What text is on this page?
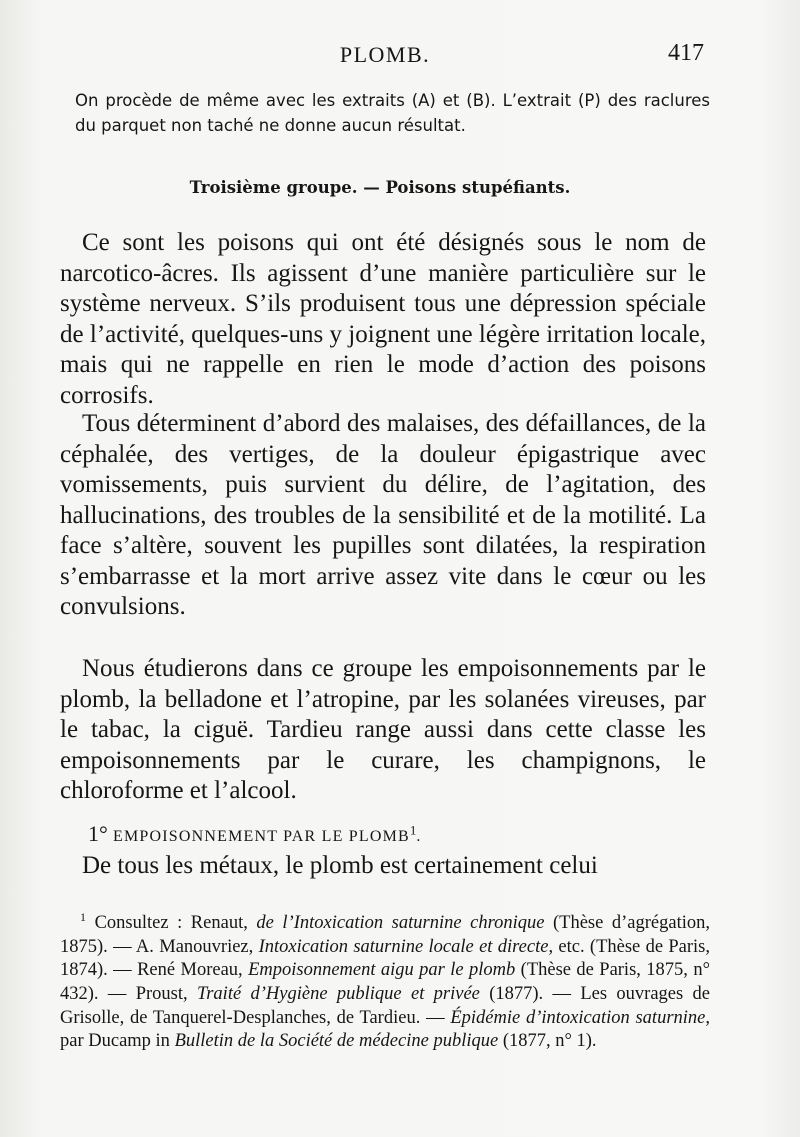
PLOMB.	417
On procède de même avec les extraits (A) et (B). L’extrait (P) des raclures du parquet non taché ne donne aucun résultat.
Troisième groupe. — Poisons stupéfiants.

Ce sont les poisons qui ont été désignés sous le nom de narcotico-âcres. Ils agissent d’une manière particulière sur le système nerveux. S’ils produisent tous une dépression spéciale de l’activité, quelques-uns y joignent une légère irritation locale, mais qui ne rappelle en rien le mode d’action des poisons corrosifs.

Tous déterminent d’abord des malaises, des défaillances, de la céphalée, des vertiges, de la douleur épigastrique avec vomissements, puis survient du délire, de l’agitation, des hallucinations, des troubles de la sensibilité et de la motilité. La face s’altère, souvent les pupilles sont dilatées, la respiration s’embarrasse et la mort arrive assez vite dans le cœur ou les convulsions.

Nous étudierons dans ce groupe les empoisonnements par le plomb, la belladone et l’atropine, par les solanées vireuses, par le tabac, la ciguë. Tardieu range aussi dans cette classe les empoisonnements par le curare, les champignons, le chloroforme et l’alcool.

1° EMPOISONNEMENT PAR LE PLOMB$^1$.

De tous les métaux, le plomb est certainement celui

$^1$ Consultez : Renaut, de l’Intoxication saturnine chronique (Thèse d’agrégation, 1875). — A. Manouvriez, Intoxication saturnine locale et directe, etc. (Thèse de Paris, 1874). — René Moreau, Empoisonnement aigu par le plomb (Thèse de Paris, 1875, n° 432). — Proust, Traité d’Hygiène publique et privée (1877). — Les ouvrages de Grisolle, de Tanquerel-Desplanches, de Tardieu. — Épidémie d’intoxication saturnine, par Ducamp in Bulletin de la Société de médecine publique (1877, n° 1).
